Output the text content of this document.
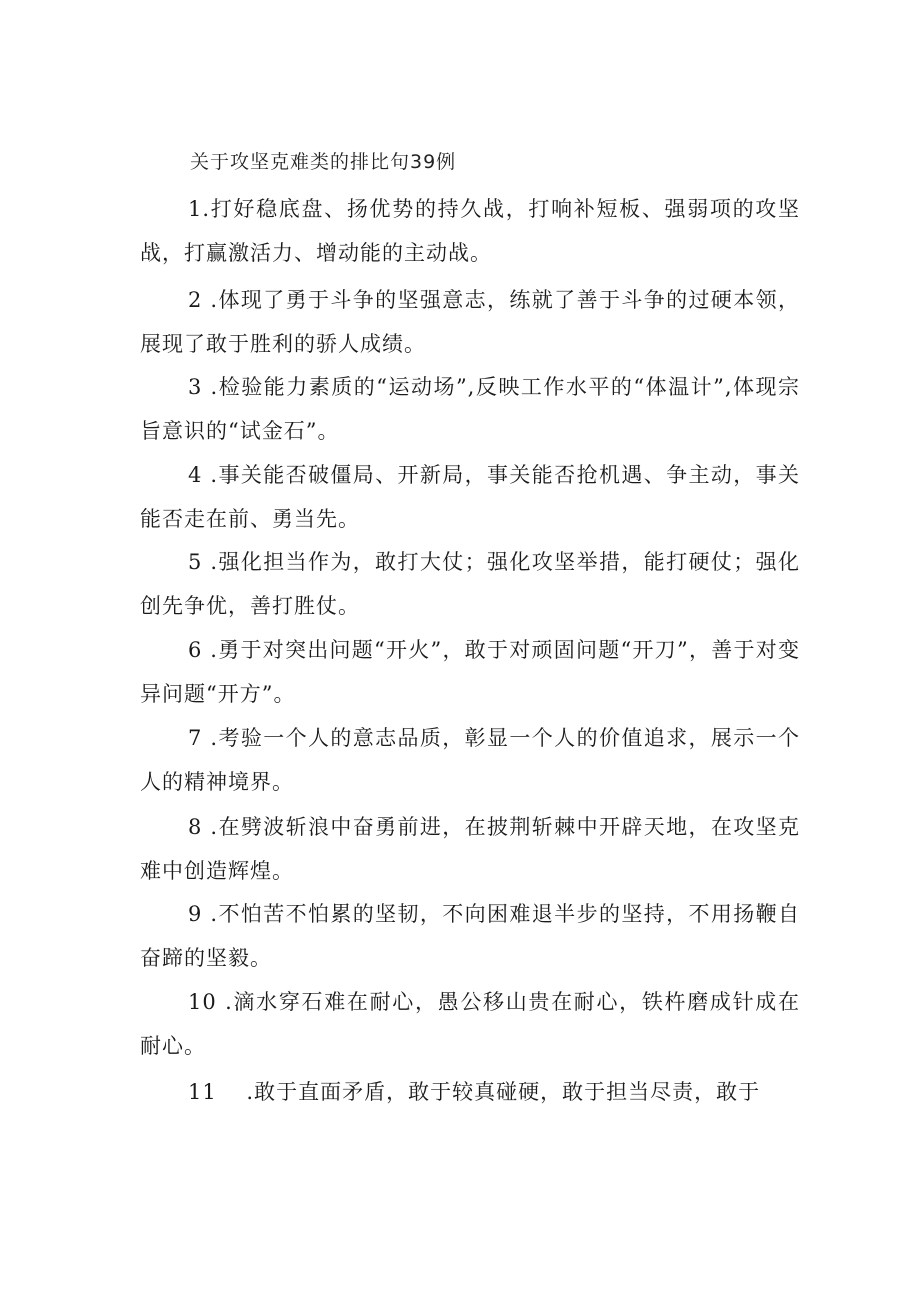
关于攻坚克难类的排比句39例
1.打好稳底盘、扬优势的持久战，打响补短板、强弱项的攻坚战，打赢激活力、增动能的主动战。
2 .体现了勇于斗争的坚强意志，练就了善于斗争的过硬本领，展现了敢于胜利的骄人成绩。
3 .检验能力素质的“运动场”,反映工作水平的“体温计”,体现宗旨意识的“试金石”。
4 .事关能否破僵局、开新局，事关能否抢机遇、争主动，事关能否走在前、勇当先。
5 .强化担当作为，敢打大仗；强化攻坚举措，能打硬仗；强化创先争优，善打胜仗。
6 .勇于对突出问题“开火”，敢于对顽固问题“开刀”，善于对变异问题“开方”。
7 .考验一个人的意志品质，彰显一个人的价值追求，展示一个人的精神境界。
8 .在劈波斩浪中奋勇前进，在披荆斩棘中开辟天地，在攻坚克难中创造辉煌。
9 .不怕苦不怕累的坚韧，不向困难退半步的坚持，不用扬鞭自奋蹄的坚毅。
10 .滴水穿石难在耐心，愚公移山贵在耐心，铁杵磨成针成在耐心。
11　 .敢于直面矛盾，敢于较真碰硬，敢于担当尽责，敢于
